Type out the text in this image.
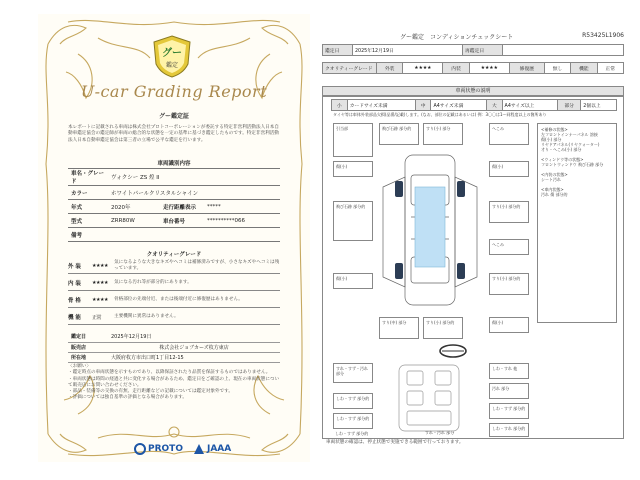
グー
鑑定
U-car Grading Report
グー鑑定証
本レポートに記載される車両は株式会社プロトコーポレーションが委託する特定非営利活動法人日本自動車鑑定協会の鑑定師が車両の総合的な状態を一定の基準に基づき鑑定したものです。特定非営利活動法人日本自動車鑑定協会は第三者の立場で公平な鑑定を行います。
車両識別内容
車名・グレード	ヴォクシー ZS 煌 II		
カラー	ホワイトパールクリスタルシャイン		
年式	2020年	走行距離表示	*****
型式	ZRR80W	車台番号	**********066
備考			
クオリティーグレード
外 装	★★★★
気になるような大きなキズやヘコミは補修済みですが、小さなキズやヘコミは残っています。
内 装	★★★★	気になる汚れ等が部分的にあります。
骨 格	★★★★	骨格部位の先端付近、または後端付近に修復歴はありません。
機 能	正常	主要機関に異常はありません。
鑑定日	2025年12月19日
販売店	株式会社ジョブカーズ枚方東店
所在地	大阪府枚方市出口町1丁目12-15
〈お願い〉
・鑑定時点の車両状態を示すものであり、以降保証されたり品質を保証するものではありません。
・車両状態は時間の経過と共に変化する場合があるため、鑑定日をご確認の上、現在の車両状態について販売店にお問い合わせください。
・部品・装備等の交換の有無、走行距離などの記載については鑑定対象外です。
・評価については独自基準の評価となる場合があります。
PROTO	JAAA
グー鑑定　コンディションチェックシート	R53425L1906
鑑定日	2025年12月19日	再鑑定日	
クオリティーグレード	外装	★★★★	内装	★★★★	修復歴	無し	機能	正常
車両状態の説明
小	カードサイズ未満	中	A4サイズ未満	大	A4サイズ以上	部分	2個以上
タイヤ等は車体外装部品欠損(品番/記載)します。(なお、部位の記載はあるいは) 例：3〇〇は1～同程度以上の箇所あり
引当部	飛び石跡 部分的	すり(小) 部分
傷(小)
飛び石跡 部分的
傷(小)
すり(中) 部分	すり(小) 部分的
へこみ
すり(小) 部分的
傷(小)
すり(小) 部分的
へこみ
傷(小)
<補修の状態>
左フロントインナーパネル 溶接
傷(小) 部分
リヤドアパネル(リヤクォーター)
才り・へこみ(小) 部分

<ウィンドウ等の状態>
フロントウィンドウ 飛び石跡 部分

<内装の状態>
シート汚れ

<車内状態>
汚れ 傷 部分的
すれ・すず・汚れ 部分
しわ・すれ 他
しわ・すず 部分的
汚れ 部分
しわ・すず 部分的
しわ・すず 部分的
しわ・すれ 部分的
しわ・すず 部分的	すれ・汚れ 部分
車両状態の確認は、停止状態で実施できる範囲で行っております。
